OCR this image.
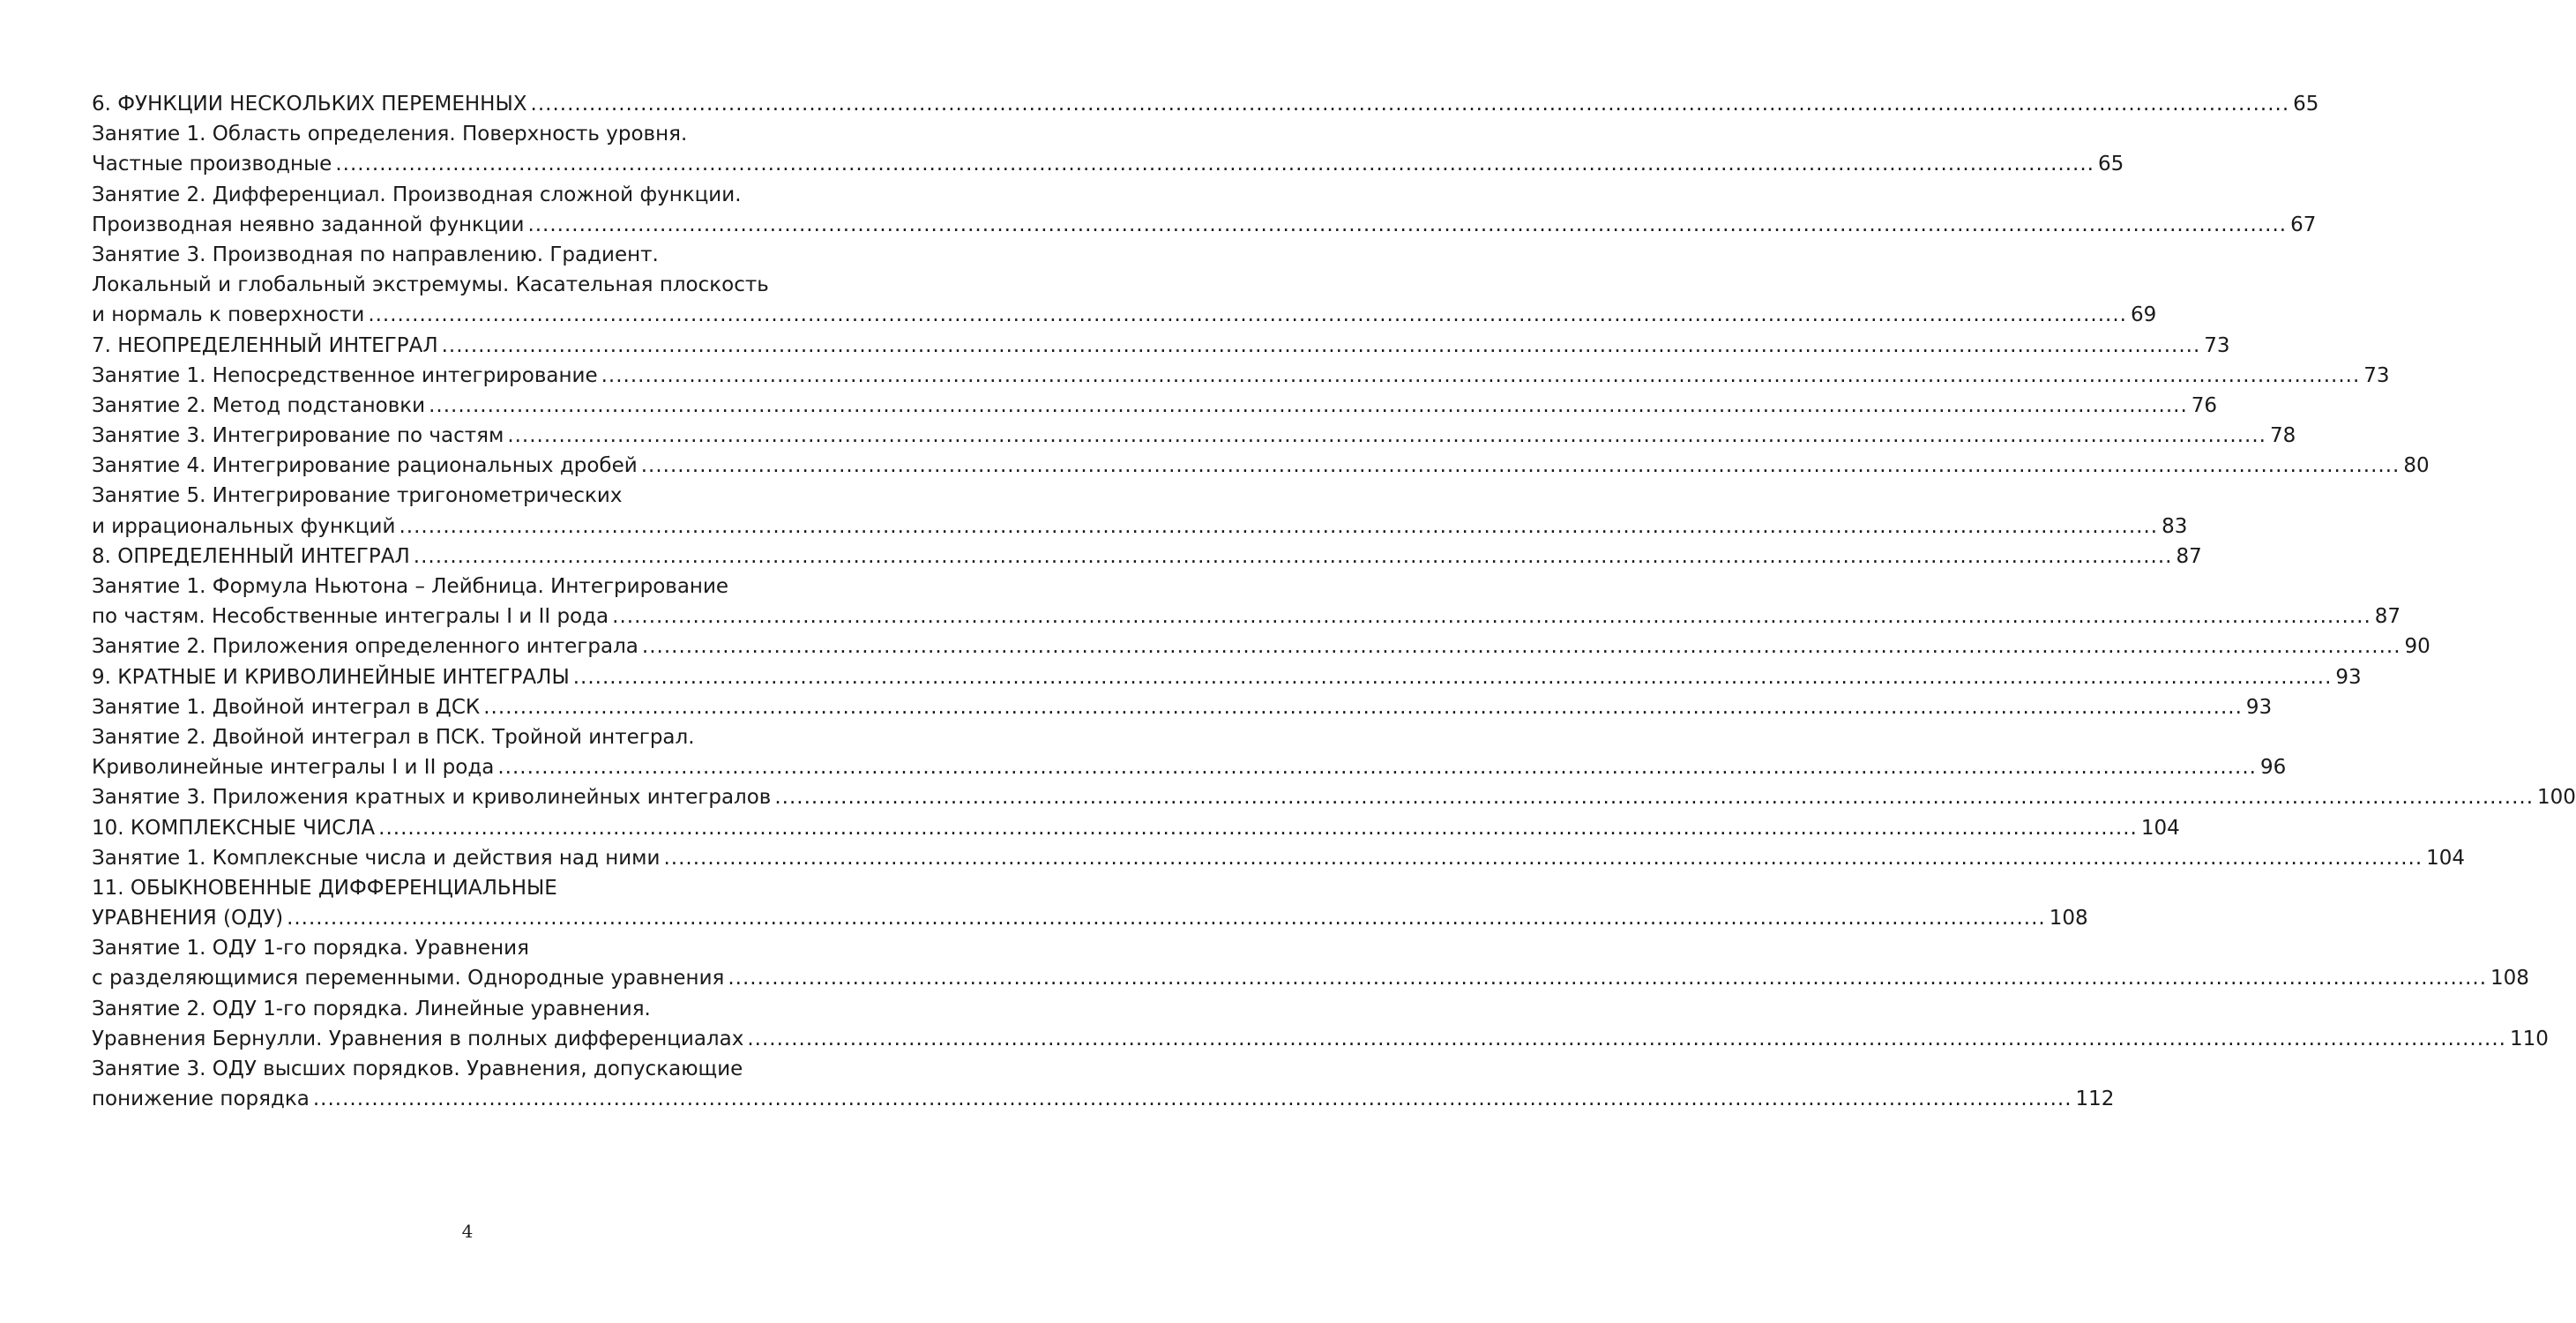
6. ФУНКЦИИ НЕСКОЛЬКИХ ПЕРЕМЕННЫХ .....	65
Занятие 1. Область определения. Поверхность уровня.
Частные производные .....	65
Занятие 2. Дифференциал. Производная сложной функции.
Производная неявно заданной функции .....	67
Занятие 3. Производная по направлению. Градиент.
Локальный и глобальный экстремумы. Касательная плоскость
и нормаль к поверхности .....	69
7. НЕОПРЕДЕЛЕННЫЙ ИНТЕГРАЛ .....	73
Занятие 1. Непосредственное интегрирование .....	73
Занятие 2. Метод подстановки .....	76
Занятие 3. Интегрирование по частям .....	78
Занятие 4. Интегрирование рациональных дробей .....	80
Занятие 5. Интегрирование тригонометрических
и иррациональных функций .....	83
8. ОПРЕДЕЛЕННЫЙ ИНТЕГРАЛ .....	87
Занятие 1. Формула Ньютона – Лейбница. Интегрирование
по частям. Несобственные интегралы I и II рода .....	87
Занятие 2. Приложения определенного интеграла .....	90
9. КРАТНЫЕ И КРИВОЛИНЕЙНЫЕ ИНТЕГРАЛЫ .....	93
Занятие 1. Двойной интеграл в ДСК .....	93
Занятие 2. Двойной интеграл в ПСК. Тройной интеграл.
Криволинейные интегралы I и II рода .....	96
Занятие 3. Приложения кратных и криволинейных интегралов .....	100
10. КОМПЛЕКСНЫЕ ЧИСЛА .....	104
Занятие 1. Комплексные числа и действия над ними .....	104
11. ОБЫКНОВЕННЫЕ ДИФФЕРЕНЦИАЛЬНЫЕ
УРАВНЕНИЯ (ОДУ) .....	108
Занятие 1. ОДУ 1-го порядка. Уравнения
с разделяющимися переменными. Однородные уравнения .....	108
Занятие 2. ОДУ 1-го порядка. Линейные уравнения.
Уравнения Бернулли. Уравнения в полных дифференциалах .....	110
Занятие 3. ОДУ высших порядков. Уравнения, допускающие
понижение порядка .....	112
4
